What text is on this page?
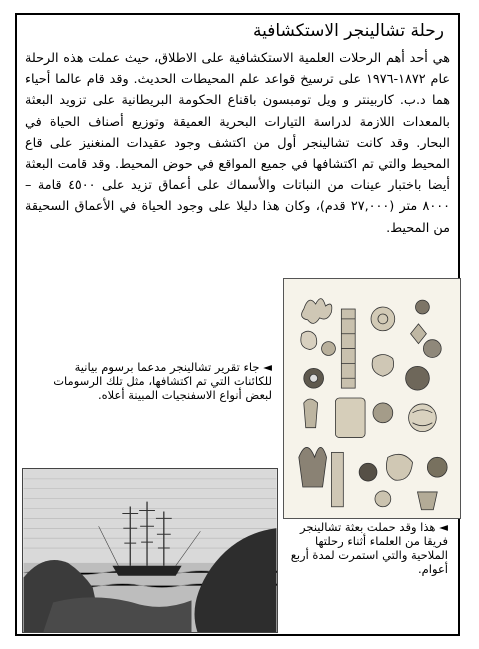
رحلة تشالينجر الاستكشافية
هي أحد أهم الرحلات العلمية الاستكشافية على الاطلاق، حيث عملت هذه الرحلة عام ١٨٧٢-١٩٧٦ على ترسيخ قواعد علم المحيطات الحديث. وقد قام عالما أحياء هما د.ب. كاربينتر و ويل تومبسون باقناع الحكومة البريطانية على تزويد البعثة بالمعدات اللازمة لدراسة التيارات البحرية العميقة وتوزيع أصناف الحياة في البحار. وقد كانت تشالينجر أول من اكتشف وجود عقيدات المنغنيز على قاع المحيط والتي تم اكتشافها في جميع المواقع في حوض المحيط. وقد قامت البعثة أيضا باختبار عينات من النباتات والأسماك على أعماق تزيد على ٤٥٠٠ قامة – ٨٠٠٠ متر (٢٧,٠٠٠ قدم)، وكان هذا دليلا على وجود الحياة في الأعماق السحيقة من المحيط.
◄ جاء تقرير تشالينجر مدعما برسوم بيانية للكائنات التي تم اكتشافها، مثل تلك الرسومات لبعض أنواع الاسفنجيات المبينة أعلاه.
◄ هذا وقد حملت بعثة تشالينجر فريقا من العلماء أثناء رحلتها الملاحية والتي استمرت لمدة أربع أعوام.
